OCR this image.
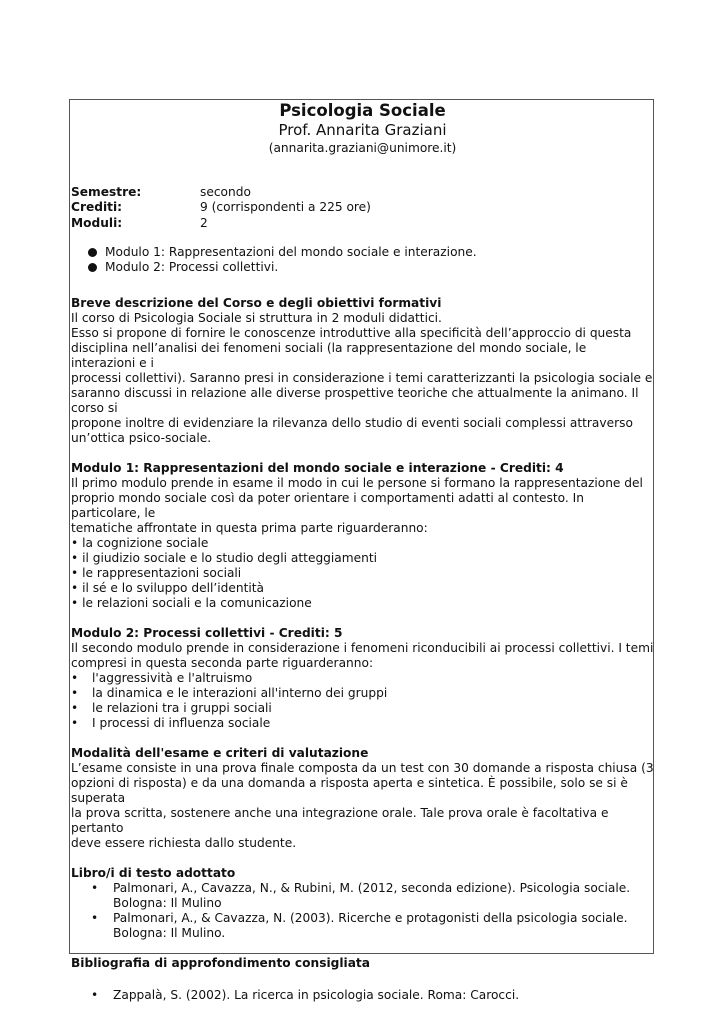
Psicologia Sociale
Prof. Annarita Graziani
(annarita.graziani@unimore.it)
Semestre:	secondo
Crediti:	9 (corrispondenti a 225 ore)
Moduli:	2
Modulo 1: Rappresentazioni del mondo sociale e interazione.
Modulo 2: Processi collettivi.
Breve descrizione del Corso e degli obiettivi formativi

Il corso di Psicologia Sociale si struttura in 2 moduli didattici.

Esso si propone di fornire le conoscenze introduttive alla specificità dell’approccio di questa

disciplina nell’analisi dei fenomeni sociali (la rappresentazione del mondo sociale, le interazioni e i

processi collettivi). Saranno presi in considerazione i temi caratterizzanti la psicologia sociale e

saranno discussi in relazione alle diverse prospettive teoriche che attualmente la animano. Il corso si

propone inoltre di evidenziare la rilevanza dello studio di eventi sociali complessi attraverso

un’ottica psico-sociale.

Modulo 1: Rappresentazioni del mondo sociale e interazione - Crediti: 4

Il primo modulo prende in esame il modo in cui le persone si formano la rappresentazione del

proprio mondo sociale così da poter orientare i comportamenti adatti al contesto. In particolare, le

tematiche affrontate in questa prima parte riguarderanno:

• la cognizione sociale
• il giudizio sociale e lo studio degli atteggiamenti
• le rappresentazioni sociali
• il sé e lo sviluppo dell’identità
• le relazioni sociali e la comunicazione
Modulo 2: Processi collettivi - Crediti: 5

Il secondo modulo prende in considerazione i fenomeni riconducibili ai processi collettivi. I temi

compresi in questa seconda parte riguarderanno:

•	l'aggressività e l'altruismo
•	la dinamica e le interazioni all'interno dei gruppi
•	le relazioni tra i gruppi sociali
•	I processi di influenza sociale
Modalità dell'esame e criteri di valutazione

L’esame consiste in una prova finale composta da un test con 30 domande a risposta chiusa (3

opzioni di risposta) e da una domanda a risposta aperta e sintetica. È possibile, solo se si è superata

la prova scritta, sostenere anche una integrazione orale. Tale prova orale è facoltativa e pertanto

deve essere richiesta dallo studente.

Libro/i di testo adottato
•	Palmonari, A., Cavazza, N., & Rubini, M. (2012, seconda edizione). Psicologia sociale.
Bologna: Il Mulino
•	Palmonari, A., & Cavazza, N. (2003). Ricerche e protagonisti della psicologia sociale.
Bologna: Il Mulino.
Bibliografia di approfondimento consigliata
•	Zappalà, S. (2002). La ricerca in psicologia sociale. Roma: Carocci.
